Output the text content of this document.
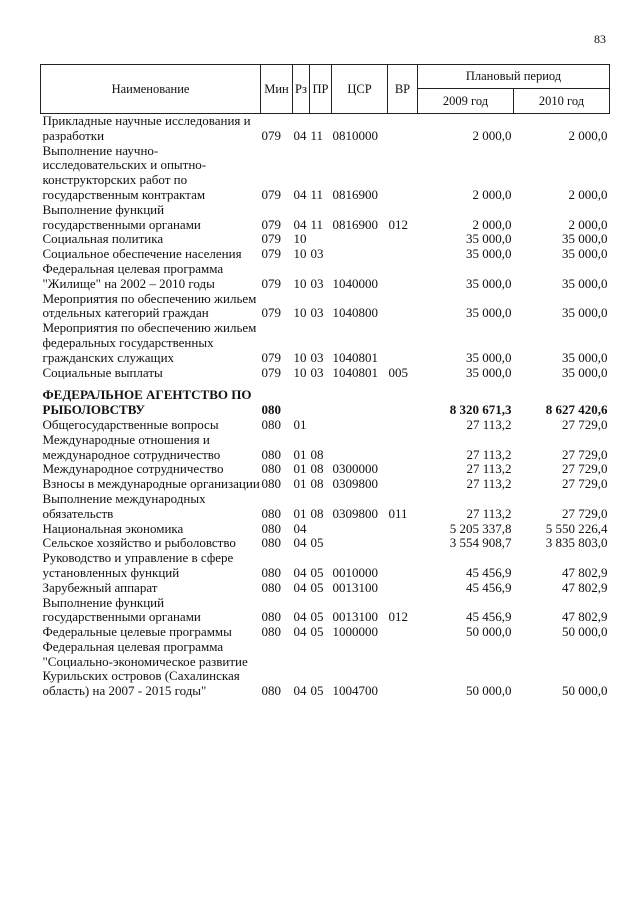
83
Наименование	Мин	Рз	ПР	ЦСР	ВР	Плановый период	
						2009 год	2010 год
Прикладные научные исследования и разработки	079	04	11	0810000		2 000,0	2 000,0
Выполнение научно-исследовательских и опытно-конструкторских работ по государственным контрактам	079	04	11	0816900		2 000,0	2 000,0
Выполнение функций государственными органами	079	04	11	0816900	012	2 000,0	2 000,0
Социальная политика	079	10				35 000,0	35 000,0
Социальное обеспечение населения	079	10	03			35 000,0	35 000,0
Федеральная целевая программа "Жилище" на 2002 – 2010 годы	079	10	03	1040000		35 000,0	35 000,0
Мероприятия по обеспечению жильем отдельных категорий граждан	079	10	03	1040800		35 000,0	35 000,0
Мероприятия по обеспечению жильем федеральных государственных гражданских служащих	079	10	03	1040801		35 000,0	35 000,0
Социальные выплаты	079	10	03	1040801	005	35 000,0	35 000,0
ФЕДЕРАЛЬНОЕ АГЕНТСТВО ПО РЫБОЛОВСТВУ	080					8 320 671,3	8 627 420,6
Общегосударственные вопросы	080	01				27 113,2	27 729,0
Международные отношения и международное сотрудничество	080	01	08			27 113,2	27 729,0
Международное сотрудничество	080	01	08	0300000		27 113,2	27 729,0
Взносы в международные организации	080	01	08	0309800		27 113,2	27 729,0
Выполнение международных обязательств	080	01	08	0309800	011	27 113,2	27 729,0
Национальная экономика	080	04				5 205 337,8	5 550 226,4
Сельское хозяйство и рыболовство	080	04	05			3 554 908,7	3 835 803,0
Руководство и управление в сфере установленных функций	080	04	05	0010000		45 456,9	47 802,9
Зарубежный аппарат	080	04	05	0013100		45 456,9	47 802,9
Выполнение функций государственными органами	080	04	05	0013100	012	45 456,9	47 802,9
Федеральные целевые программы	080	04	05	1000000		50 000,0	50 000,0
Федеральная целевая программа "Социально-экономическое развитие Курильских островов (Сахалинская область) на 2007 - 2015 годы"	080	04	05	1004700		50 000,0	50 000,0
